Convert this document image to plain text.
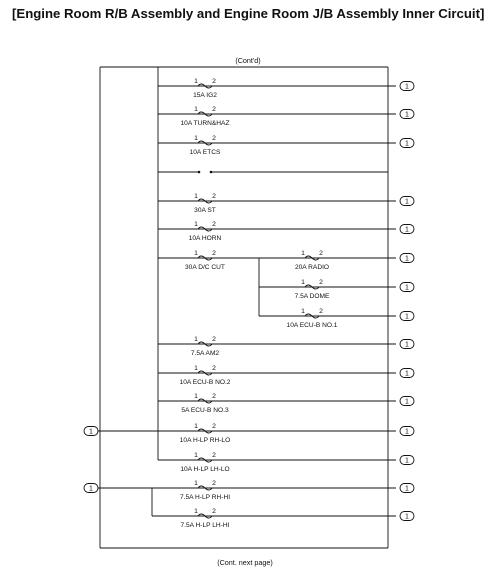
[Engine Room R/B Assembly and Engine Room J/B Assembly Inner Circuit]
1 2
15A IG2
1
1 2
10A TURN&HAZ
1
1 2
10A ETCS
1
1 2
30A ST
1
1 2
10A HORN
1
1 2
7.5A AM2
1
1 2
10A ECU-B NO.2
1
1 2
5A ECU-B NO.3
1
1 2
30A D/C CUT
1 2
20A RADIO
1
1 2
7.5A DOME
1
1 2
10A ECU-B NO.1
1
1
1 2
10A H-LP RH-LO
1
1 2
10A H-LP LH-LO
1
1
1 2
7.5A H-LP RH-HI
1
1 2
7.5A H-LP LH-HI
1
(Cont'd)
(Cont. next page)
